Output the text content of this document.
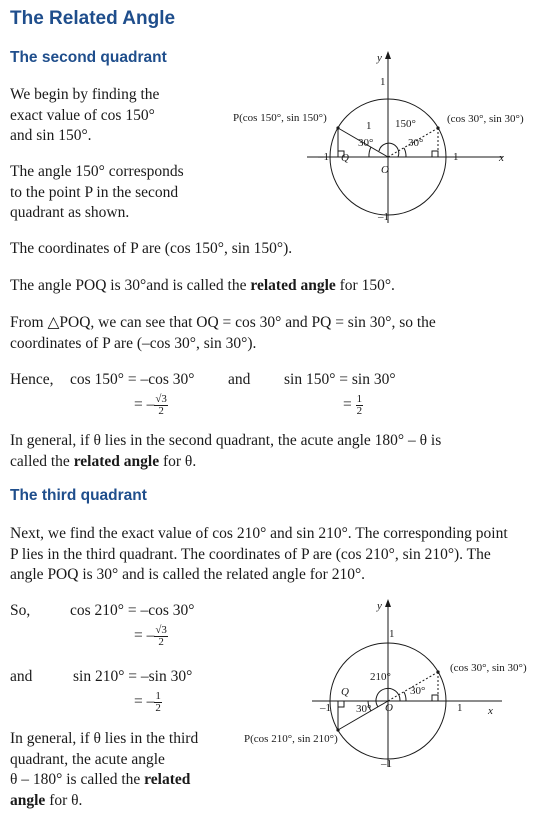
The Related Angle
The second quadrant
We begin by finding the
exact value of cos 150°
and sin 150°.
The angle 150° corresponds
to the point P in the second
quadrant as shown.
y
x
1
–1
–1	1
P(cos 150°, sin 150°)	(cos 30°, sin 30°)
Q
O
1 150°
30°	30°
The coordinates of P are (cos 150°, sin 150°).
The angle POQ is 30°and is called the related angle for 150°.
From △POQ, we can see that OQ = cos 30° and PQ = sin 30°, so the
coordinates of P are (–cos 30°, sin 30°).
Hence, cos 150° = –cos 30° and sin 150° = sin 30°
= – $\frac{√3}{2}$	= $\frac{1}{2}$
In general, if θ lies in the second quadrant, the acute angle 180° – θ is
called the related angle for θ.
The third quadrant
Next, we find the exact value of cos 210° and sin 210°. The corresponding point
P lies in the third quadrant. The coordinates of P are (cos 210°, sin 210°). The
angle POQ is 30° and is called the related angle for 210°.
So,	cos 210° = –cos 30°
= – $\frac{√3}{2}$
and	sin 210° = –sin 30°
= – $\frac{1}{2}$
In general, if θ lies in the third
quadrant, the acute angle
θ – 180° is called the related
angle for θ.
y
x
1
–1
–1	1
P(cos 210°, sin 210°)
(cos 30°, sin 30°)
Q
O
210°
30°
30°
